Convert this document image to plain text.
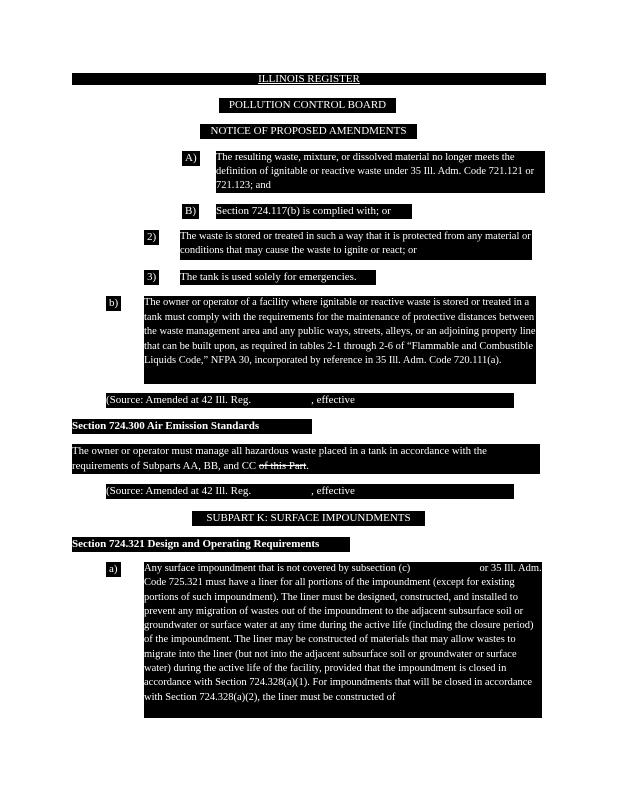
ILLINOIS REGISTER
POLLUTION CONTROL BOARD
NOTICE OF PROPOSED AMENDMENTS
A) The resulting waste, mixture, or dissolved material no longer meets the definition of ignitable or reactive waste under 35 Ill. Adm. Code 721.121 or 721.123; and
B) Section 724.117(b) is complied with; or
2) The waste is stored or treated in such a way that it is protected from any material or conditions that may cause the waste to ignite or react; or
3) The tank is used solely for emergencies.
b) The owner or operator of a facility where ignitable or reactive waste is stored or treated in a tank must comply with the requirements for the maintenance of protective distances between the waste management area and any public ways, streets, alleys, or an adjoining property line that can be built upon, as required in tables 2-1 through 2-6 of “Flammable and Combustible Liquids Code,” NFPA 30, incorporated by reference in 35 Ill. Adm. Code 720.111(a).
(Source: Amended at 42 Ill. Reg.	, effective	)
Section 724.300 Air Emission Standards
The owner or operator must manage all hazardous waste placed in a tank in accordance with the requirements of Subparts AA, BB, and CC of this Part.
(Source: Amended at 42 Ill. Reg.	, effective	)
SUBPART K: SURFACE IMPOUNDMENTS
Section 724.321 Design and Operating Requirements
a)	Any surface impoundment that is not covered by subsection (c)	or 35 Ill. Adm. Code 725.321 must have a liner for all portions of the impoundment (except for existing portions of such impoundment). The liner must be designed, constructed, and installed to prevent any migration of wastes out of the impoundment to the adjacent subsurface soil or groundwater or surface water at any time during the active life (including the closure period) of the impoundment. The liner may be constructed of materials that may allow wastes to migrate into the liner (but not into the adjacent subsurface soil or groundwater or surface water) during the active life of the facility, provided that the impoundment is closed in accordance with Section 724.328(a)(1). For impoundments that will be closed in accordance with Section 724.328(a)(2), the liner must be constructed of
